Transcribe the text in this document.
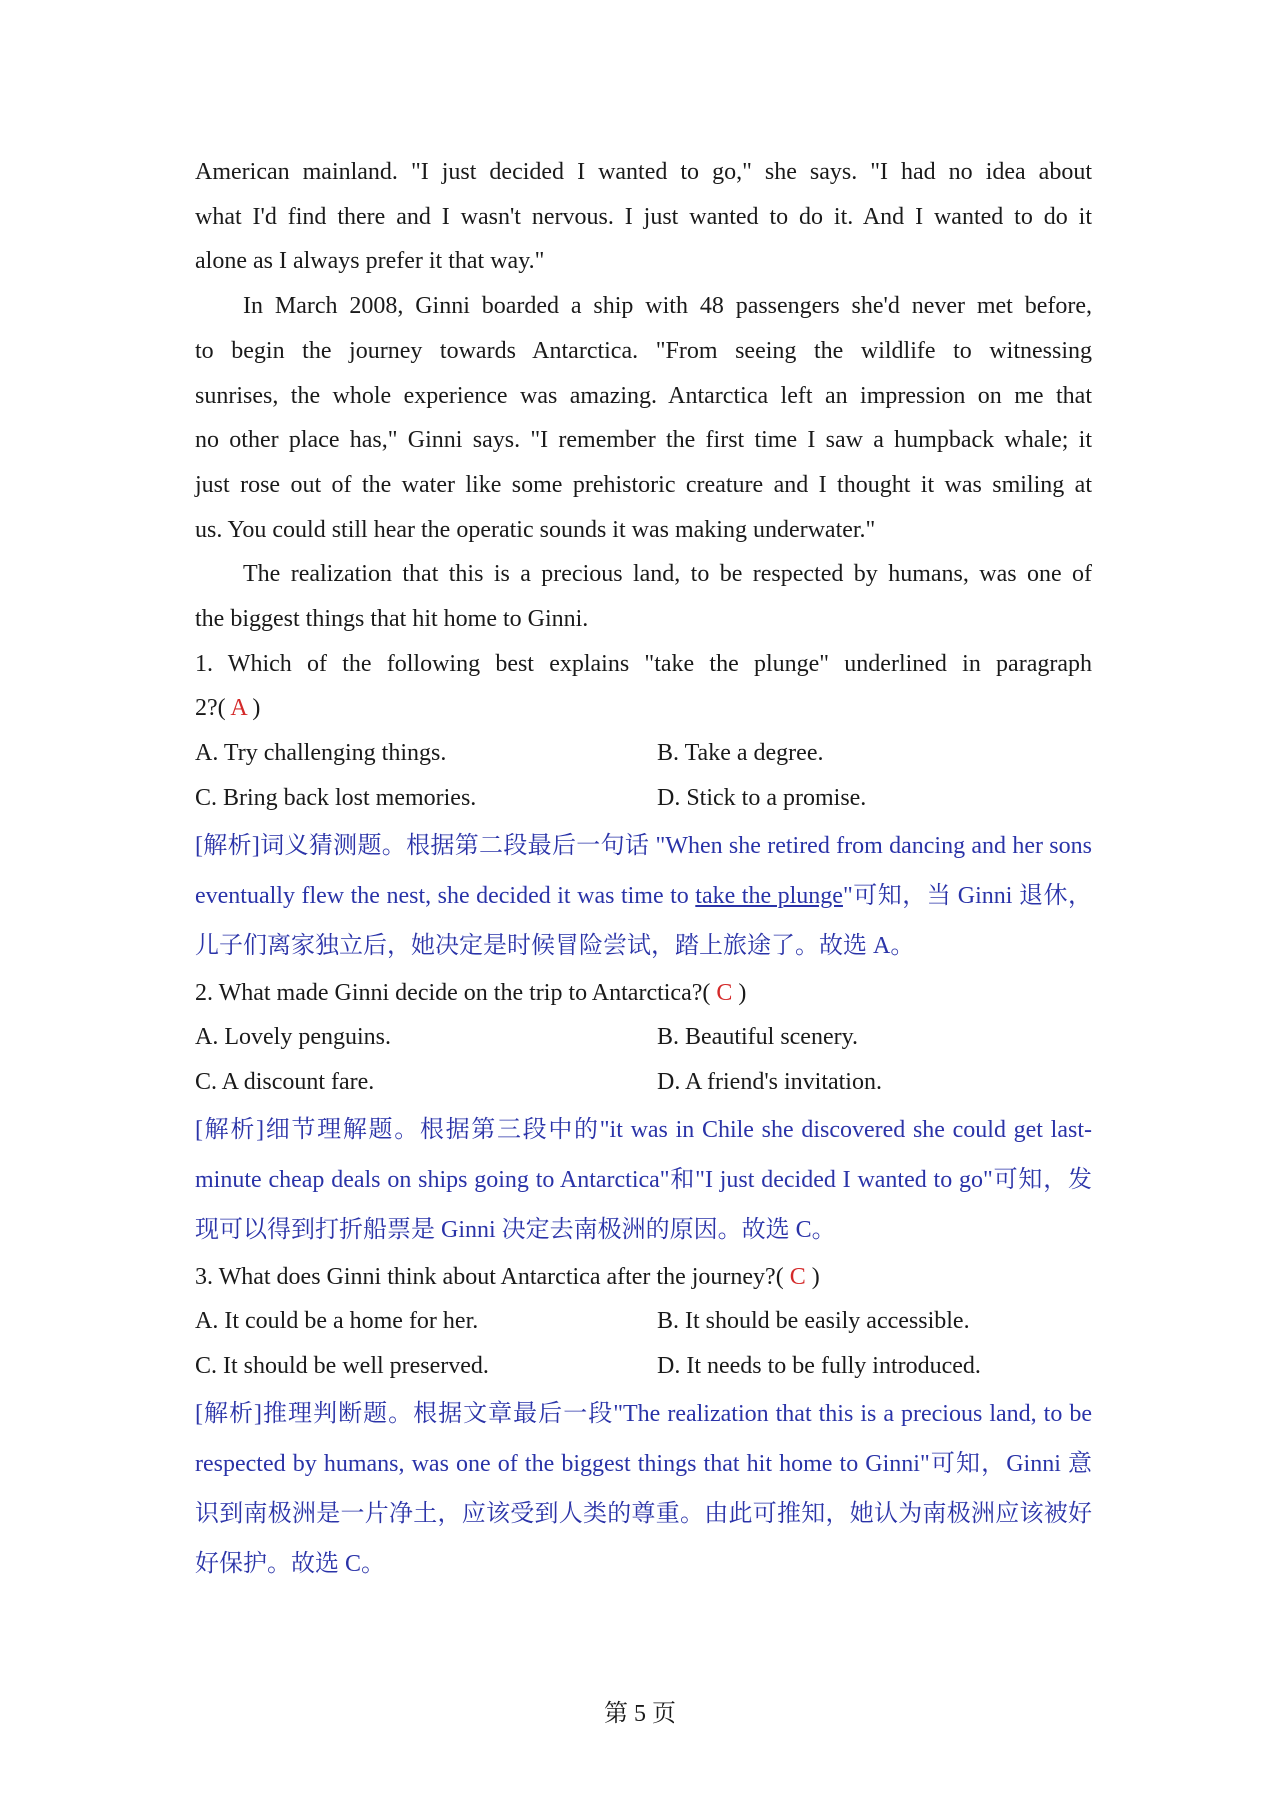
American mainland. "I just decided I wanted to go," she says. "I had no idea about
what I'd find there and I wasn't nervous. I just wanted to do it. And I wanted to do it
alone as I always prefer it that way."
In March 2008, Ginni boarded a ship with 48 passengers she'd never met before,
to begin the journey towards Antarctica. "From seeing the wildlife to witnessing
sunrises, the whole experience was amazing. Antarctica left an impression on me that
no other place has," Ginni says. "I remember the first time I saw a humpback whale; it
just rose out of the water like some prehistoric creature and I thought it was smiling at
us. You could still hear the operatic sounds it was making underwater."
The realization that this is a precious land, to be respected by humans, was one of
the biggest things that hit home to Ginni.
1. Which of the following best explains "take the plunge" underlined in paragraph
2?( A )
A. Try challenging things.	B. Take a degree.
C. Bring back lost memories.	D. Stick to a promise.
[解析]词义猜测题。根据第二段最后一句话 "When she retired from dancing and her sons eventually flew the nest, she decided it was time to take the plunge"可知，当 Ginni 退休，儿子们离家独立后，她决定是时候冒险尝试，踏上旅途了。故选 A。
2. What made Ginni decide on the trip to Antarctica?( C )
A. Lovely penguins.	B. Beautiful scenery.
C. A discount fare.	D. A friend's invitation.
[解析]细节理解题。根据第三段中的"it was in Chile she discovered she could get last-minute cheap deals on ships going to Antarctica"和"I just decided I wanted to go"可知，发现可以得到打折船票是 Ginni 决定去南极洲的原因。故选 C。
3. What does Ginni think about Antarctica after the journey?( C )
A. It could be a home for her.	B. It should be easily accessible.
C. It should be well preserved.	D. It needs to be fully introduced.
[解析]推理判断题。根据文章最后一段"The realization that this is a precious land, to be respected by humans, was one of the biggest things that hit home to Ginni"可知，Ginni 意识到南极洲是一片净土，应该受到人类的尊重。由此可推知，她认为南极洲应该被好好保护。故选 C。
第 5 页
